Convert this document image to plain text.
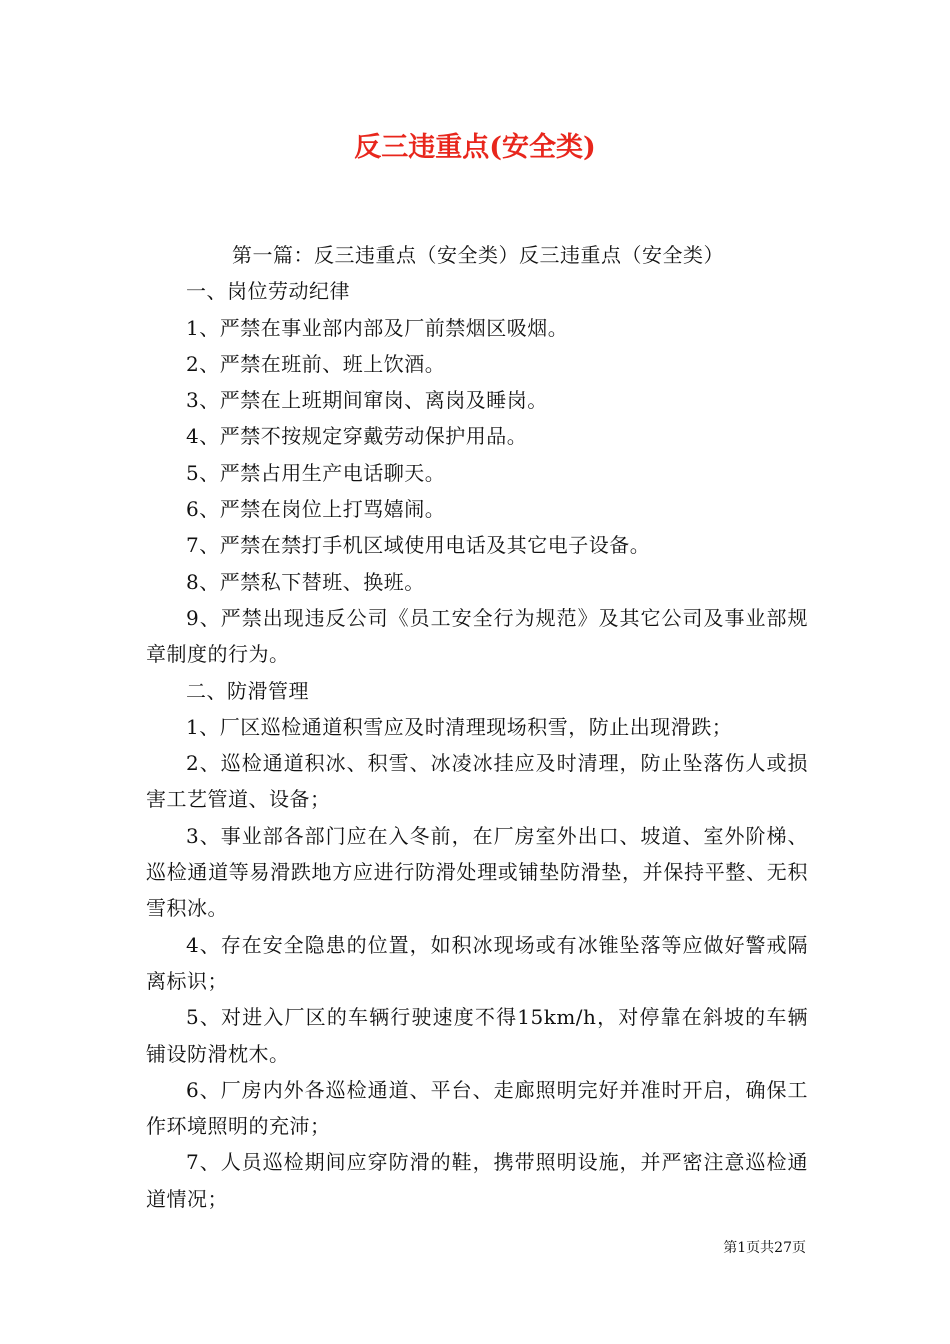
反三违重点(安全类)

第一篇：反三违重点（安全类）反三违重点（安全类）

一、岗位劳动纪律

1、严禁在事业部内部及厂前禁烟区吸烟。

2、严禁在班前、班上饮酒。

3、严禁在上班期间窜岗、离岗及睡岗。

4、严禁不按规定穿戴劳动保护用品。

5、严禁占用生产电话聊天。

6、严禁在岗位上打骂嬉闹。

7、严禁在禁打手机区域使用电话及其它电子设备。

8、严禁私下替班、换班。

9、严禁出现违反公司《员工安全行为规范》及其它公司及事业部规章制度的行为。

二、防滑管理

1、厂区巡检通道积雪应及时清理现场积雪，防止出现滑跌；

2、巡检通道积冰、积雪、冰凌冰挂应及时清理，防止坠落伤人或损害工艺管道、设备；

3、事业部各部门应在入冬前，在厂房室外出口、坡道、室外阶梯、巡检通道等易滑跌地方应进行防滑处理或铺垫防滑垫，并保持平整、无积雪积冰。

4、存在安全隐患的位置，如积冰现场或有冰锥坠落等应做好警戒隔离标识；

5、对进入厂区的车辆行驶速度不得15km/h，对停靠在斜坡的车辆铺设防滑枕木。

6、厂房内外各巡检通道、平台、走廊照明完好并准时开启，确保工作环境照明的充沛；

7、人员巡检期间应穿防滑的鞋，携带照明设施，并严密注意巡检通道情况；

第1页共27页
